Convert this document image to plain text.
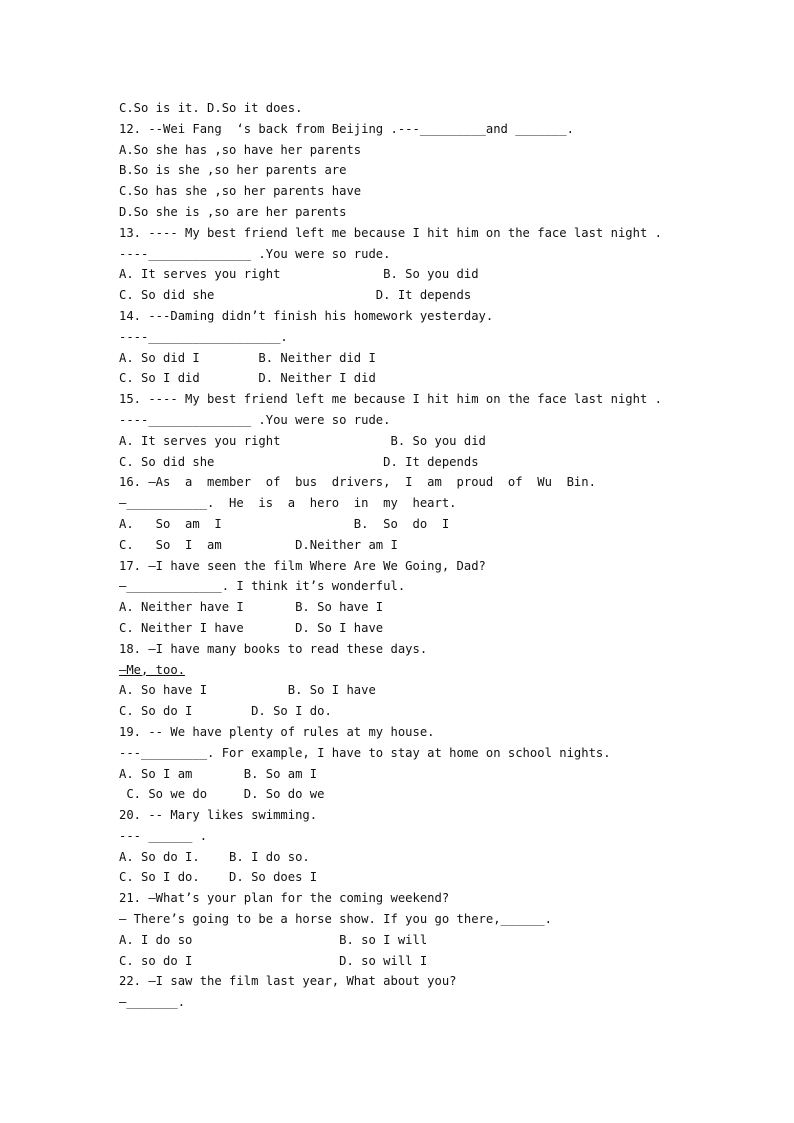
C.So is it. D.So it does.
12. --Wei Fang  ‘s back from Beijing .---_________and _______.
A.So she has ,so have her parents
B.So is she ,so her parents are
C.So has she ,so her parents have
D.So she is ,so are her parents
13. ---- My best friend left me because I hit him on the face last night .
----______________ .You were so rude.
A. It serves you right              B. So you did
C. So did she                      D. It depends
14. ---Daming didn’t finish his homework yesterday.
----__________________.
A. So did I        B. Neither did I
C. So I did        D. Neither I did
15. ---- My best friend left me because I hit him on the face last night .
----______________ .You were so rude.
A. It serves you right               B. So you did
C. So did she                       D. It depends
16. —As  a  member  of  bus  drivers,  I  am  proud  of  Wu  Bin.
—___________.  He  is  a  hero  in  my  heart.
A.   So  am  I                  B.  So  do  I
C.   So  I  am          D.Neither am I
17. —I have seen the film Where Are We Going, Dad?
—_____________. I think it’s wonderful.
A. Neither have I       B. So have I
C. Neither I have       D. So I have
18. —I have many books to read these days.
—Me, too.
A. So have I           B. So I have
C. So do I        D. So I do.
19. -- We have plenty of rules at my house.
---_________. For example, I have to stay at home on school nights.
A. So I am       B. So am I
C. So we do     D. So do we
20. -- Mary likes swimming.
--- ______ .
A. So do I.    B. I do so.
C. So I do.    D. So does I
21. —What’s your plan for the coming weekend?
— There’s going to be a horse show. If you go there,______.
A. I do so                    B. so I will
C. so do I                    D. so will I
22. —I saw the film last year, What about you?
—_______.
